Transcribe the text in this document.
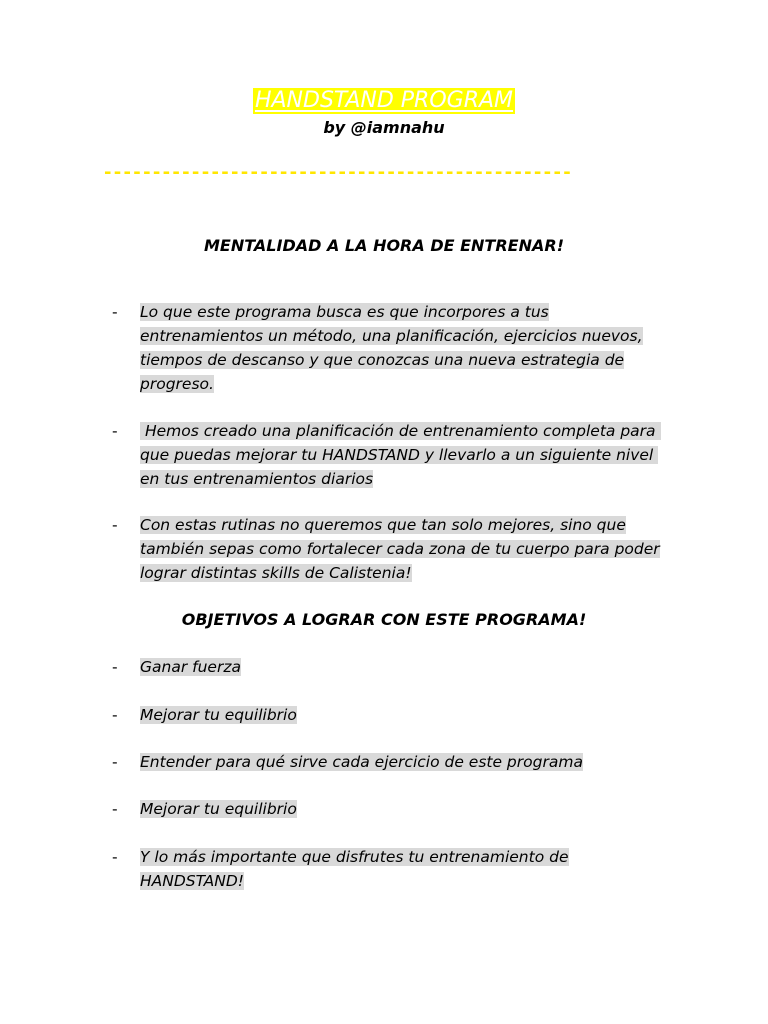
HANDSTAND PROGRAM
by @iamnahu
------------------------------------------------
MENTALIDAD A LA HORA DE ENTRENAR!
- Lo que este programa busca es que incorpores a tus entrenamientos un método, una planificación, ejercicios nuevos, tiempos de descanso y que conozcas una nueva estrategia de progreso.
- Hemos creado una planificación de entrenamiento completa para que puedas mejorar tu HANDSTAND y llevarlo a un siguiente nivel en tus entrenamientos diarios
- Con estas rutinas no queremos que tan solo mejores, sino que también sepas como fortalecer cada zona de tu cuerpo para poder lograr distintas skills de Calistenia!
OBJETIVOS A LOGRAR CON ESTE PROGRAMA!
- Ganar fuerza
- Mejorar tu equilibrio
- Entender para qué sirve cada ejercicio de este programa
- Mejorar tu equilibrio
- Y lo más importante que disfrutes tu entrenamiento de HANDSTAND!
